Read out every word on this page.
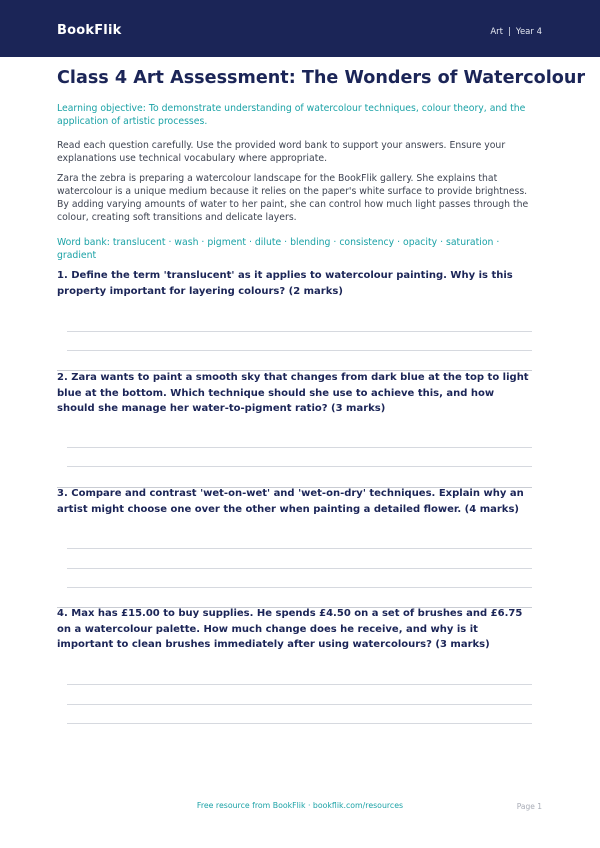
BookFlik	Art | Year 4
Class 4 Art Assessment: The Wonders of Watercolour
Learning objective: To demonstrate understanding of watercolour techniques, colour theory, and the application of artistic processes.
Read each question carefully. Use the provided word bank to support your answers. Ensure your explanations use technical vocabulary where appropriate.
Zara the zebra is preparing a watercolour landscape for the BookFlik gallery. She explains that watercolour is a unique medium because it relies on the paper's white surface to provide brightness. By adding varying amounts of water to her paint, she can control how much light passes through the colour, creating soft transitions and delicate layers.
Word bank: translucent · wash · pigment · dilute · blending · consistency · opacity · saturation · gradient
1. Define the term 'translucent' as it applies to watercolour painting. Why is this property important for layering colours? (2 marks)
2. Zara wants to paint a smooth sky that changes from dark blue at the top to light blue at the bottom. Which technique should she use to achieve this, and how should she manage her water-to-pigment ratio? (3 marks)
3. Compare and contrast 'wet-on-wet' and 'wet-on-dry' techniques. Explain why an artist might choose one over the other when painting a detailed flower. (4 marks)
4. Max has £15.00 to buy supplies. He spends £4.50 on a set of brushes and £6.75 on a watercolour palette. How much change does he receive, and why is it important to clean brushes immediately after using watercolours? (3 marks)
Free resource from BookFlik · bookflik.com/resources	Page 1
